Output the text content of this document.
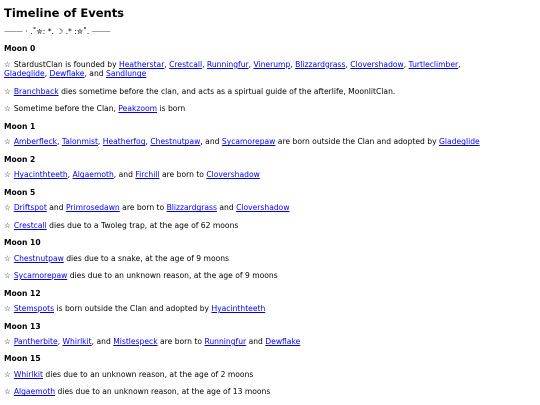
Timeline of Events
⸻ · .˚✮: *. ☽ .* :✮˚. ⸻
Moon 0
☆ StardustClan is founded by Heatherstar, Crestcall, Runningfur, Vinerump, Blizzardgrass, Clovershadow, Turtleclimber, Gladeglide, Dewflake, and Sandlunge
☆ Branchback dies sometime before the clan, and acts as a spirtual guide of the afterlife, MoonlitClan.
☆ Sometime before the Clan, Peakzoom is born
Moon 1
☆ Amberfleck, Talonmist, Heatherfog, Chestnutpaw, and Sycamorepaw are born outside the Clan and adopted by Gladeglide
Moon 2
☆ Hyacinthteeth, Algaemoth, and Firchill are born to Clovershadow
Moon 5
☆ Driftspot and Primrosedawn are born to Blizzardgrass and Clovershadow
☆ Crestcall dies due to a Twoleg trap, at the age of 62 moons
Moon 10
☆ Chestnutpaw dies due to a snake, at the age of 9 moons
☆ Sycamorepaw dies due to an unknown reason, at the age of 9 moons
Moon 12
☆ Stemspots is born outside the Clan and adopted by Hyacinthteeth
Moon 13
☆ Pantherbite, Whirlkit, and Mistlespeck are born to Runningfur and Dewflake
Moon 15
☆ Whirlkit dies due to an unknown reason, at the age of 2 moons
☆ Algaemoth dies due to an unknown reason, at the age of 13 moons
